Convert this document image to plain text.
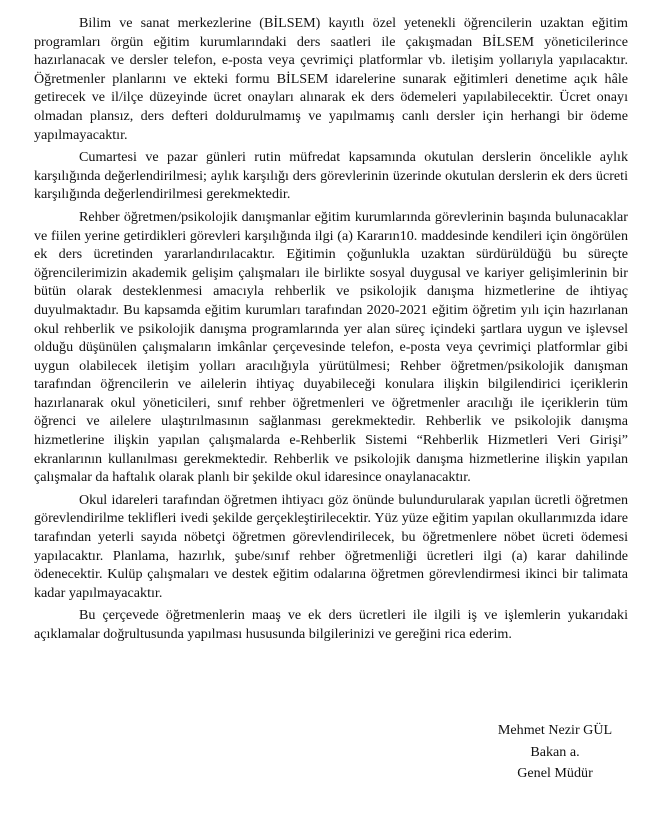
Bilim ve sanat merkezlerine (BİLSEM) kayıtlı özel yetenekli öğrencilerin uzaktan eğitim programları örgün eğitim kurumlarındaki ders saatleri ile çakışmadan BİLSEM yöneticilerince hazırlanacak ve dersler telefon, e-posta veya çevrimiçi platformlar vb. iletişim yollarıyla yapılacaktır. Öğretmenler planlarını ve ekteki formu BİLSEM idarelerine sunarak eğitimleri denetime açık hâle getirecek ve il/ilçe düzeyinde ücret onayları alınarak ek ders ödemeleri yapılabilecektir. Ücret onayı olmadan plansız, ders defteri doldurulmamış ve yapılmamış canlı dersler için herhangi bir ödeme yapılmayacaktır.

Cumartesi ve pazar günleri rutin müfredat kapsamında okutulan derslerin öncelikle aylık karşılığında değerlendirilmesi; aylık karşılığı ders görevlerinin üzerinde okutulan derslerin ek ders ücreti karşılığında değerlendirilmesi gerekmektedir.

Rehber öğretmen/psikolojik danışmanlar eğitim kurumlarında görevlerinin başında bulunacaklar ve fiilen yerine getirdikleri görevleri karşılığında ilgi (a) Kararın10. maddesinde kendileri için öngörülen ek ders ücretinden yararlandırılacaktır. Eğitimin çoğunlukla uzaktan sürdürüldüğü bu süreçte öğrencilerimizin akademik gelişim çalışmaları ile birlikte sosyal duygusal ve kariyer gelişimlerinin bir bütün olarak desteklenmesi amacıyla rehberlik ve psikolojik danışma hizmetlerine de ihtiyaç duyulmaktadır. Bu kapsamda eğitim kurumları tarafından 2020-2021 eğitim öğretim yılı için hazırlanan okul rehberlik ve psikolojik danışma programlarında yer alan süreç içindeki şartlara uygun ve işlevsel olduğu düşünülen çalışmaların imkânlar çerçevesinde telefon, e-posta veya çevrimiçi platformlar gibi uygun olabilecek iletişim yolları aracılığıyla yürütülmesi; Rehber öğretmen/psikolojik danışman tarafından öğrencilerin ve ailelerin ihtiyaç duyabileceği konulara ilişkin bilgilendirici içeriklerin hazırlanarak okul yöneticileri, sınıf rehber öğretmenleri ve öğretmenler aracılığı ile içeriklerin tüm öğrenci ve ailelere ulaştırılmasının sağlanması gerekmektedir. Rehberlik ve psikolojik danışma hizmetlerine ilişkin yapılan çalışmalarda e-Rehberlik Sistemi “Rehberlik Hizmetleri Veri Girişi” ekranlarının kullanılması gerekmektedir. Rehberlik ve psikolojik danışma hizmetlerine ilişkin yapılan çalışmalar da haftalık olarak planlı bir şekilde okul idaresince onaylanacaktır.

Okul idareleri tarafından öğretmen ihtiyacı göz önünde bulundurularak yapılan ücretli öğretmen görevlendirilme teklifleri ivedi şekilde gerçekleştirilecektir. Yüz yüze eğitim yapılan okullarımızda idare tarafından yeterli sayıda nöbetçi öğretmen görevlendirilecek, bu öğretmenlere nöbet ücreti ödemesi yapılacaktır. Planlama, hazırlık, şube/sınıf rehber öğretmenliği ücretleri ilgi (a) karar dahilinde ödenecektir. Kulüp çalışmaları ve destek eğitim odalarına öğretmen görevlendirmesi ikinci bir talimata kadar yapılmayacaktır.

Bu çerçevede öğretmenlerin maaş ve ek ders ücretleri ile ilgili iş ve işlemlerin yukarıdaki açıklamalar doğrultusunda yapılması hususunda bilgilerinizi ve gereğini rica ederim.

Mehmet Nezir GÜL
Bakan a.
Genel Müdür
